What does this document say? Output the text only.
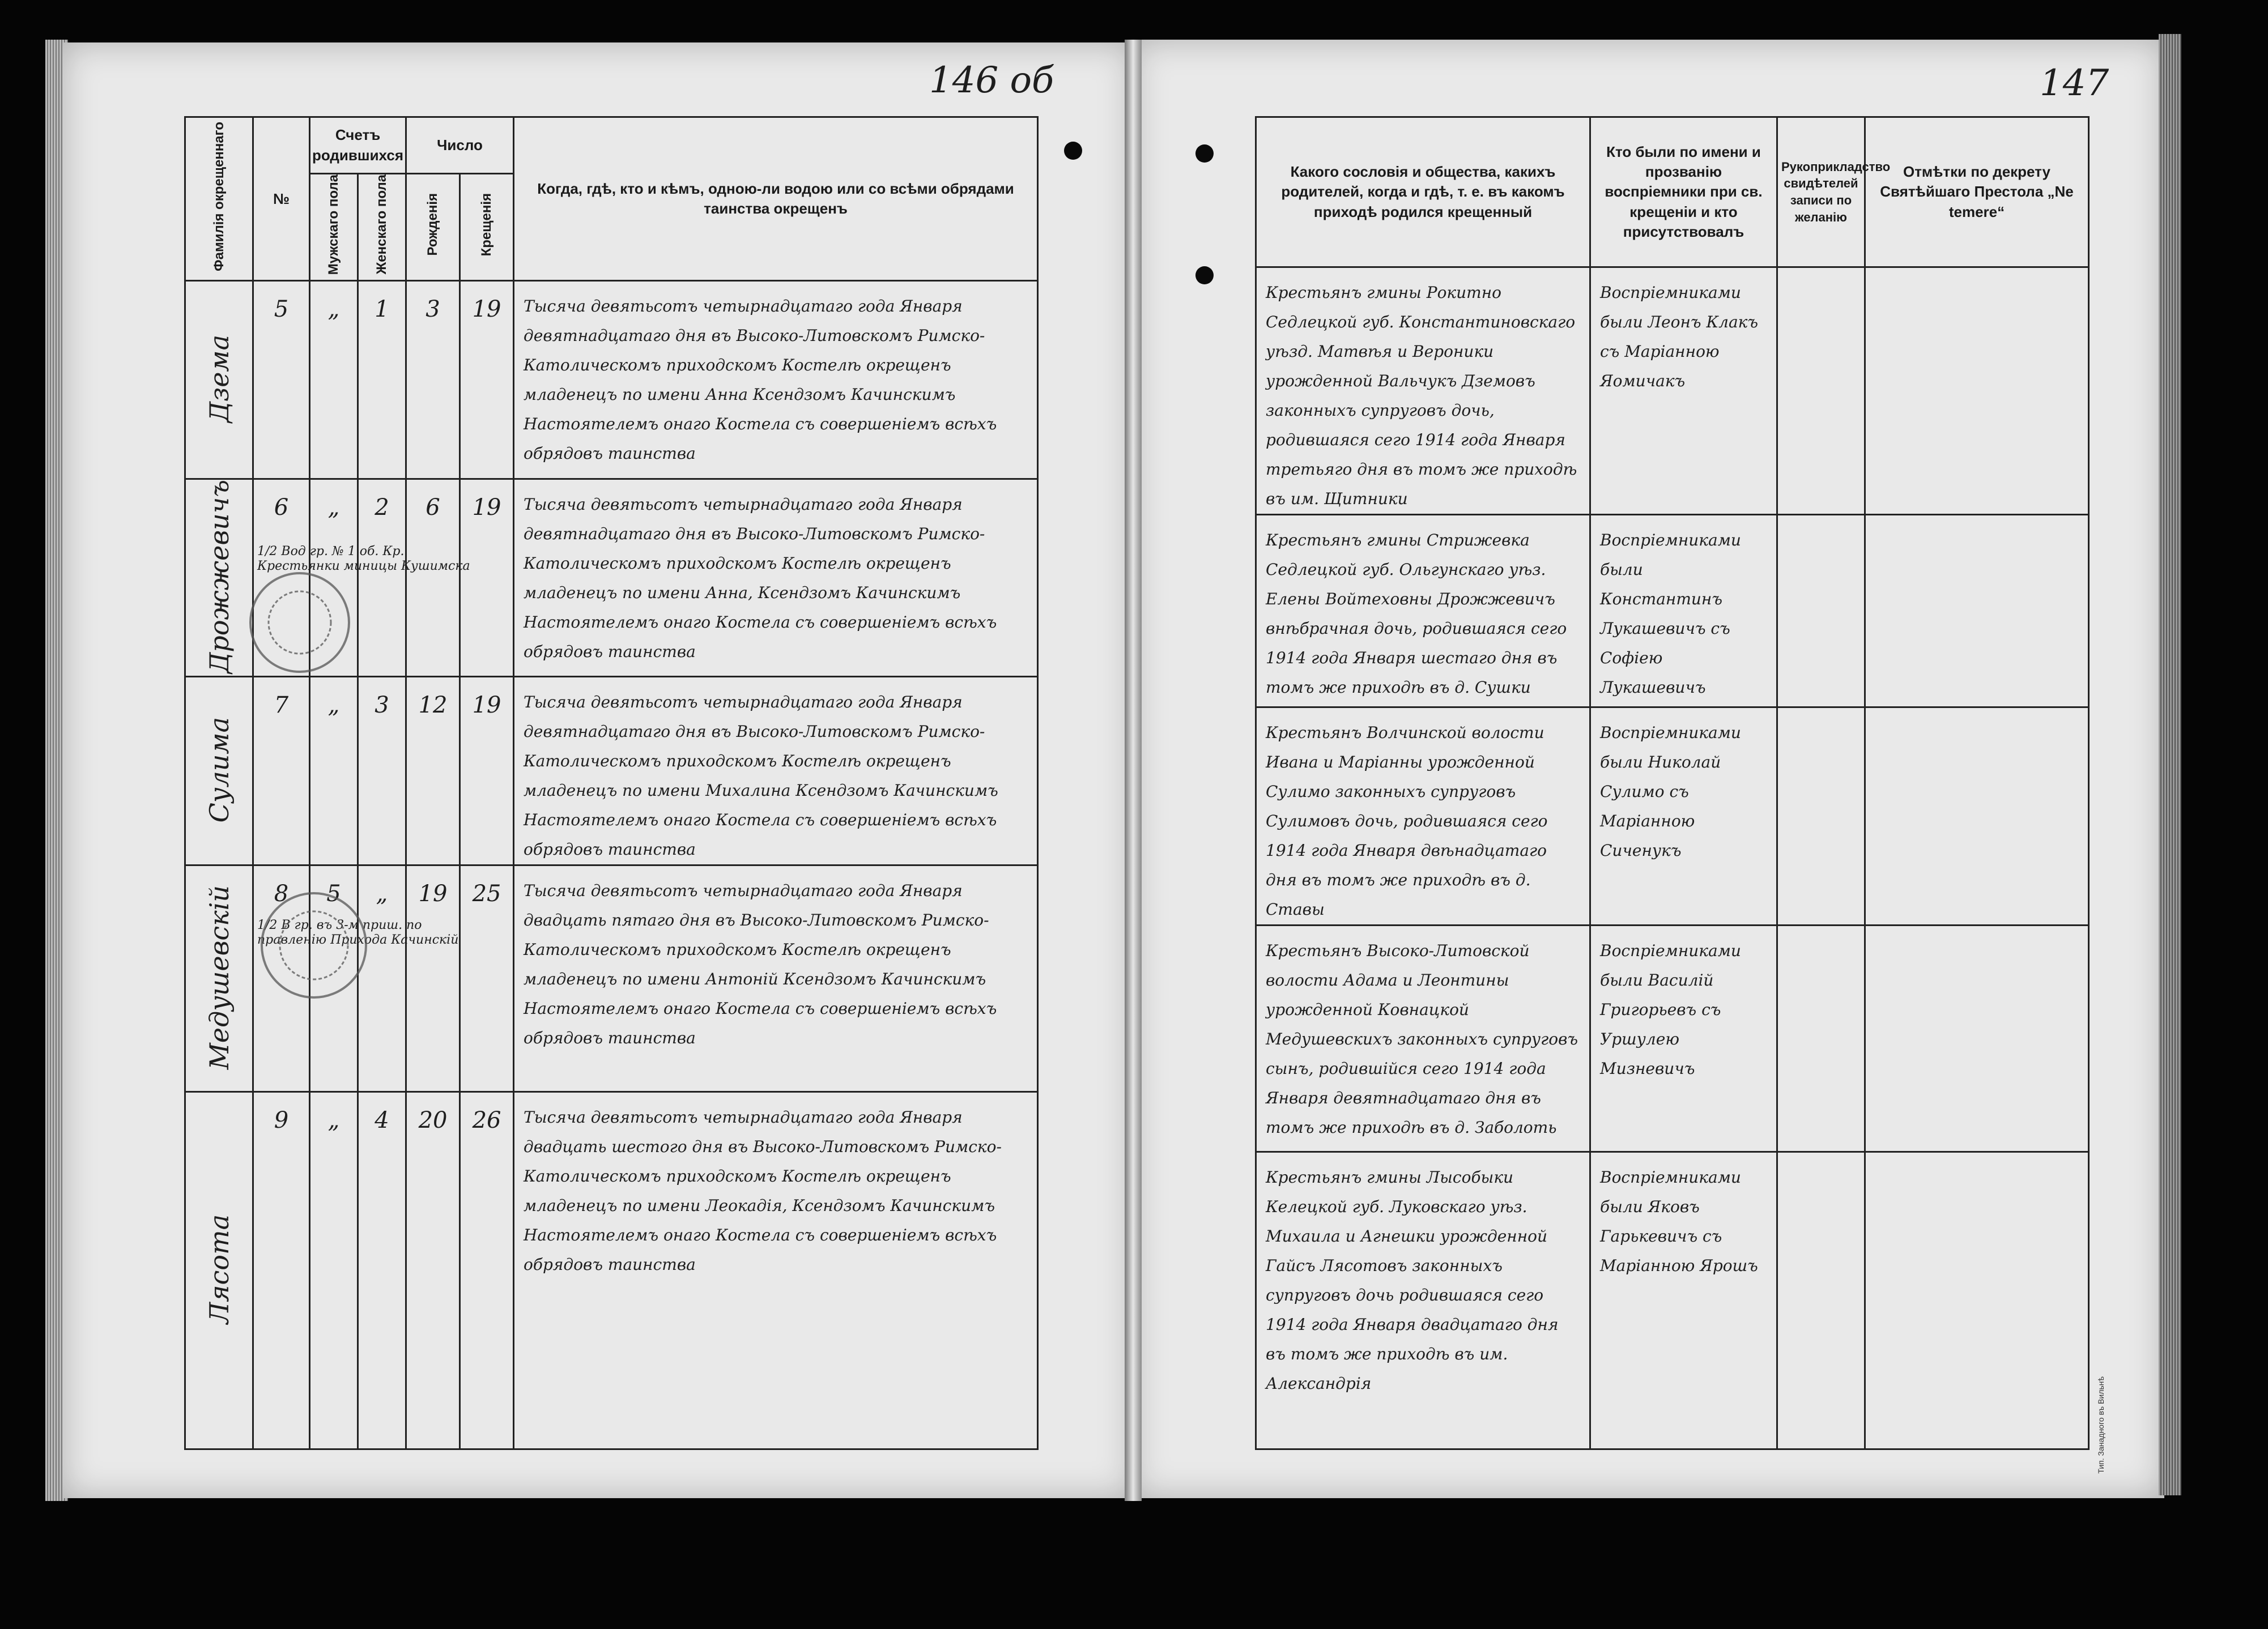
146 об	147
Фамилія окрещеннаго	№	Счетъ родившихся		Число		Когда, гдѣ, кто и кѣмъ, одною-ли водою или со всѣми обрядами таинства окрещенъ
		Мужскаго пола	Женскаго пола	Рожденія	Крещенія	
Дзема	5	„	1	3	19	Тысяча девятьсотъ четырнадцатаго года Января девятнадцатаго дня въ Высоко-Литовскомъ Римско-Католическомъ приходскомъ Костелѣ окрещенъ младенецъ по имени Анна Ксендзомъ Качинскимъ Настоятелемъ онаго Костела съ совершеніемъ всѣхъ обрядовъ таинства
Дрожжевичъ	6	„	2	6	19	Тысяча девятьсотъ четырнадцатаго года Января девятнадцатаго дня въ Высоко-Литовскомъ Римско-Католическомъ приходскомъ Костелѣ окрещенъ младенецъ по имени Анна, Ксендзомъ Качинскимъ Настоятелемъ онаго Костела съ совершеніемъ всѣхъ обрядовъ таинства
Сулима	7	„	3	12	19	Тысяча девятьсотъ четырнадцатаго года Января девятнадцатаго дня въ Высоко-Литовскомъ Римско-Католическомъ приходскомъ Костелѣ окрещенъ младенецъ по имени Михалина Ксендзомъ Качинскимъ Настоятелемъ онаго Костела съ совершеніемъ всѣхъ обрядовъ таинства
Медушевскій	8	5	„	19	25	Тысяча девятьсотъ четырнадцатаго года Января двадцать пятаго дня въ Высоко-Литовскомъ Римско-Католическомъ приходскомъ Костелѣ окрещенъ младенецъ по имени Антоній Ксендзомъ Качинскимъ Настоятелемъ онаго Костела съ совершеніемъ всѣхъ обрядовъ таинства
Лясота	9	„	4	20	26	Тысяча девятьсотъ четырнадцатаго года Января двадцать шестого дня въ Высоко-Литовскомъ Римско-Католическомъ приходскомъ Костелѣ окрещенъ младенецъ по имени Леокадія, Ксендзомъ Качинскимъ Настоятелемъ онаго Костела съ совершеніемъ всѣхъ обрядовъ таинства
1/2 Вод гр. № 1 об. Кр. Крестьянки миницы Кушимска
1/2 В гр. въ 3-м приш. по правленію Прихода Качинскій
Какого сословія и общества, какихъ родителей, когда и гдѣ, т. е. въ какомъ приходѣ родился крещенный	Кто были по имени и прозванію воспріемники при св. крещеніи и кто присутствовалъ	Рукоприкладство свидѣтелей записи по желанію	Отмѣтки по декрету Святѣйшаго Престола „Ne temere“
Крестьянъ гмины Рокитно Седлецкой губ. Константиновскаго уѣзд. Матвѣя и Вероники урожденной Вальчукъ Дземовъ законныхъ супруговъ дочь, родившаяся сего 1914 года Января третьяго дня въ томъ же приходѣ въ им. Щитники	Воспріемниками были Леонъ Клакъ съ Маріанною Яомичакъ		
Крестьянъ гмины Стрижевка Седлецкой губ. Ольгунскаго уѣз. Елены Войтеховны Дрожжевичъ внѣбрачная дочь, родившаяся сего 1914 года Января шестаго дня въ томъ же приходѣ въ д. Сушки	Воспріемниками были Константинъ Лукашевичъ съ Софіею Лукашевичъ		
Крестьянъ Волчинской волости Ивана и Маріанны урожденной Сулимо законныхъ супруговъ Сулимовъ дочь, родившаяся сего 1914 года Января двѣнадцатаго дня въ томъ же приходѣ въ д. Ставы	Воспріемниками были Николай Сулимо съ Маріанною Сиченукъ		
Крестьянъ Высоко-Литовской волости Адама и Леонтины урожденной Ковнацкой Медушевскихъ законныхъ супруговъ сынъ, родившійся сего 1914 года Января девятнадцатаго дня въ томъ же приходѣ въ д. Заболоть	Воспріемниками были Василій Григорьевъ съ Уршулею Мизневичъ		
Крестьянъ гмины Лысобыки Келецкой губ. Луковскаго уѣз. Михаила и Агнешки урожденной Гайсъ Лясотовъ законныхъ супруговъ дочь родившаяся сего 1914 года Января двадцатаго дня въ томъ же приходѣ въ им. Александрія	Воспріемниками были Яковъ Гарькевичъ съ Маріанною Ярошъ		
Тип. Занадного въ Вильнѣ
